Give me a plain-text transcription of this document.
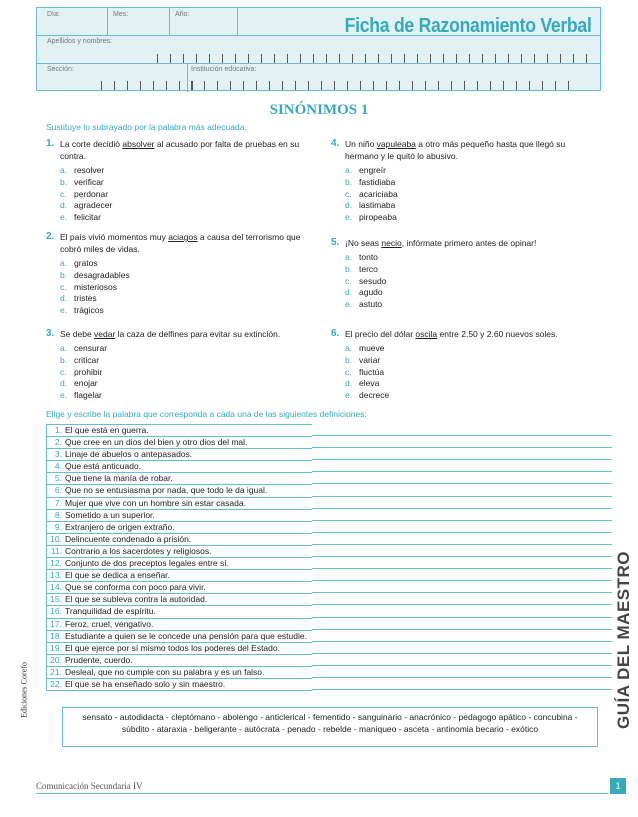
Día:	Mes:	Año:
Ficha de Razonamiento Verbal
Apellidos y nombres:
Sección:	Institución educativa:
SINÓNIMOS 1
Sustituye lo subrayado por la palabra más adecuada.
1. La corte decidió absolver al acusado por falta de pruebas en su contra.
a. resolver
b. verificar
c. perdonar
d. agradecer
e. felicitar
2. El país vivió momentos muy aciagos a causa del terrorismo que cobró miles de vidas.
a. gratos
b. desagradables
c. misteriosos
d. tristes
e. trágicos
3. Se debe vedar la caza de delfines para evitar su extinción.
a. censurar
b. criticar
c. prohibir
d. enojar
e. flagelar
4. Un niño vapuleaba a otro más pequeño hasta que llegó su hermano y le quitó lo abusivo.
a. engreír
b. fastidiaba
c. acariciaba
d. lastimaba
e. piropeaba
5. ¡No seas necio, infórmate primero antes de opinar!
a. tonto
b. terco
c. sesudo
d. agudo
e. astuto
6. El precio del dólar oscila entre 2.50 y 2.60 nuevos soles.
a. mueve
b. variar
c. fluctúa
d. eleva
e. decrece
Elige y escribe la palabra que corresponda a cada una de las siguientes definiciones:
1. El que está en guerra.
2. Que cree en un dios del bien y otro dios del mal.
3. Linaje de abuelos o antepasados.
4. Que está anticuado.
5. Que tiene la manía de robar.
6. Que no se entusiasma por nada, que todo le da igual.
7. Mujer que vive con un hombre sin estar casada.
8. Sometido a un superior.
9. Extranjero de origen extraño.
10. Delincuente condenado a prisión.
11. Contrario a los sacerdotes y religiosos.
12. Conjunto de dos preceptos legales entre sí.
13. El que se dedica a enseñar.
14. Que se conforma con poco para vivir.
15. El que se subleva contra la autoridad.
16. Tranquilidad de espíritu.
17. Feroz, cruel, vengativo.
18. Estudiante a quien se le concede una pensión para que estudie.
19. El que ejerce por sí mismo todos los poderes del Estado.
20. Prudente, cuerdo.
21. Desleal, que no cumple con su palabra y es un falso.
22. El que se ha enseñado solo y sin maestro.
sensato - autodidacta - cleptómano - abolengo - anticlerical - fementido - sanguinario - anacrónico - pedagogo apático - concubina - súbdito - ataraxia - beligerante - autócrata - penado - rebelde - maniqueo - asceta - antinomia becario - exótico
Ediciones Corefo	GUÍA DEL MAESTRO
Comunicación Secundaria IV	1
